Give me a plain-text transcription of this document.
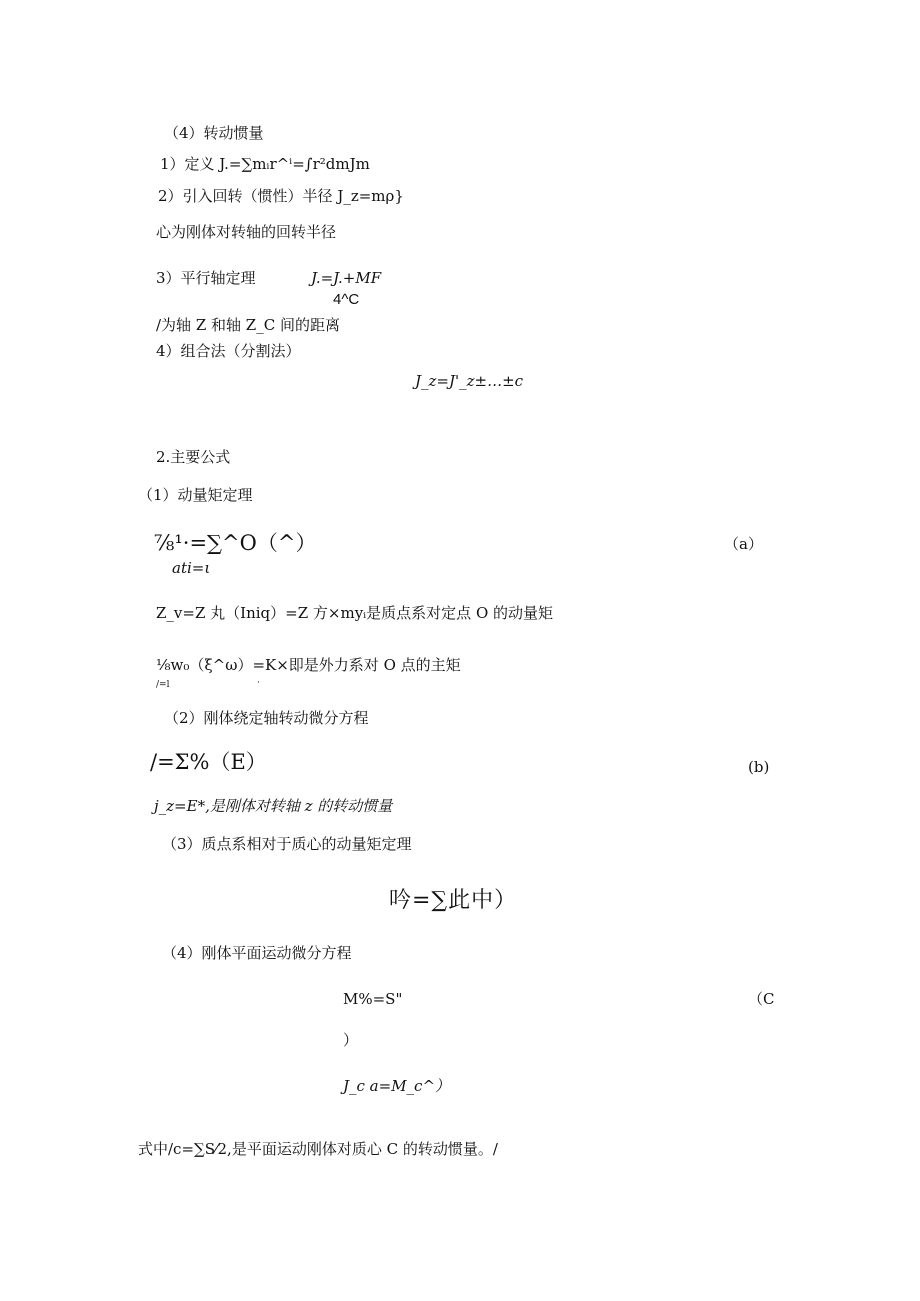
（4）转动惯量
1）定义 J.=∑mᵢr^ⁱ=∫r²dmJm
2）引入回转（惯性）半径 J_z=mρ}
心为刚体对转轴的回转半径
3）平行轴定理	J.=J.+MF
4^C
/为轴 Z 和轴 Z_C 间的距离
4）组合法（分割法）
J_z=J'_z±…±c
2.主要公式
（1）动量矩定理
⅞¹·=∑^O（^）
ati=ι
（a）
Z_v=Z 丸（Iniq）=Z 方×myᵢ是质点系对定点 O 的动量矩
⅛w₀（ξ^ω）=K×即是外力系对 O 点的主矩
/=l	·
（2）刚体绕定轴转动微分方程
/=Σ%（E）	(b)
j_z=E*,是刚体对转轴 z 的转动惯量
（3）质点系相对于质心的动量矩定理
吟=∑此中）
（4）刚体平面运动微分方程
M%=S"	（C
）
J_c a=M_c^）
式中/c=∑S⁄2,是平面运动刚体对质心 C 的转动惯量。/
